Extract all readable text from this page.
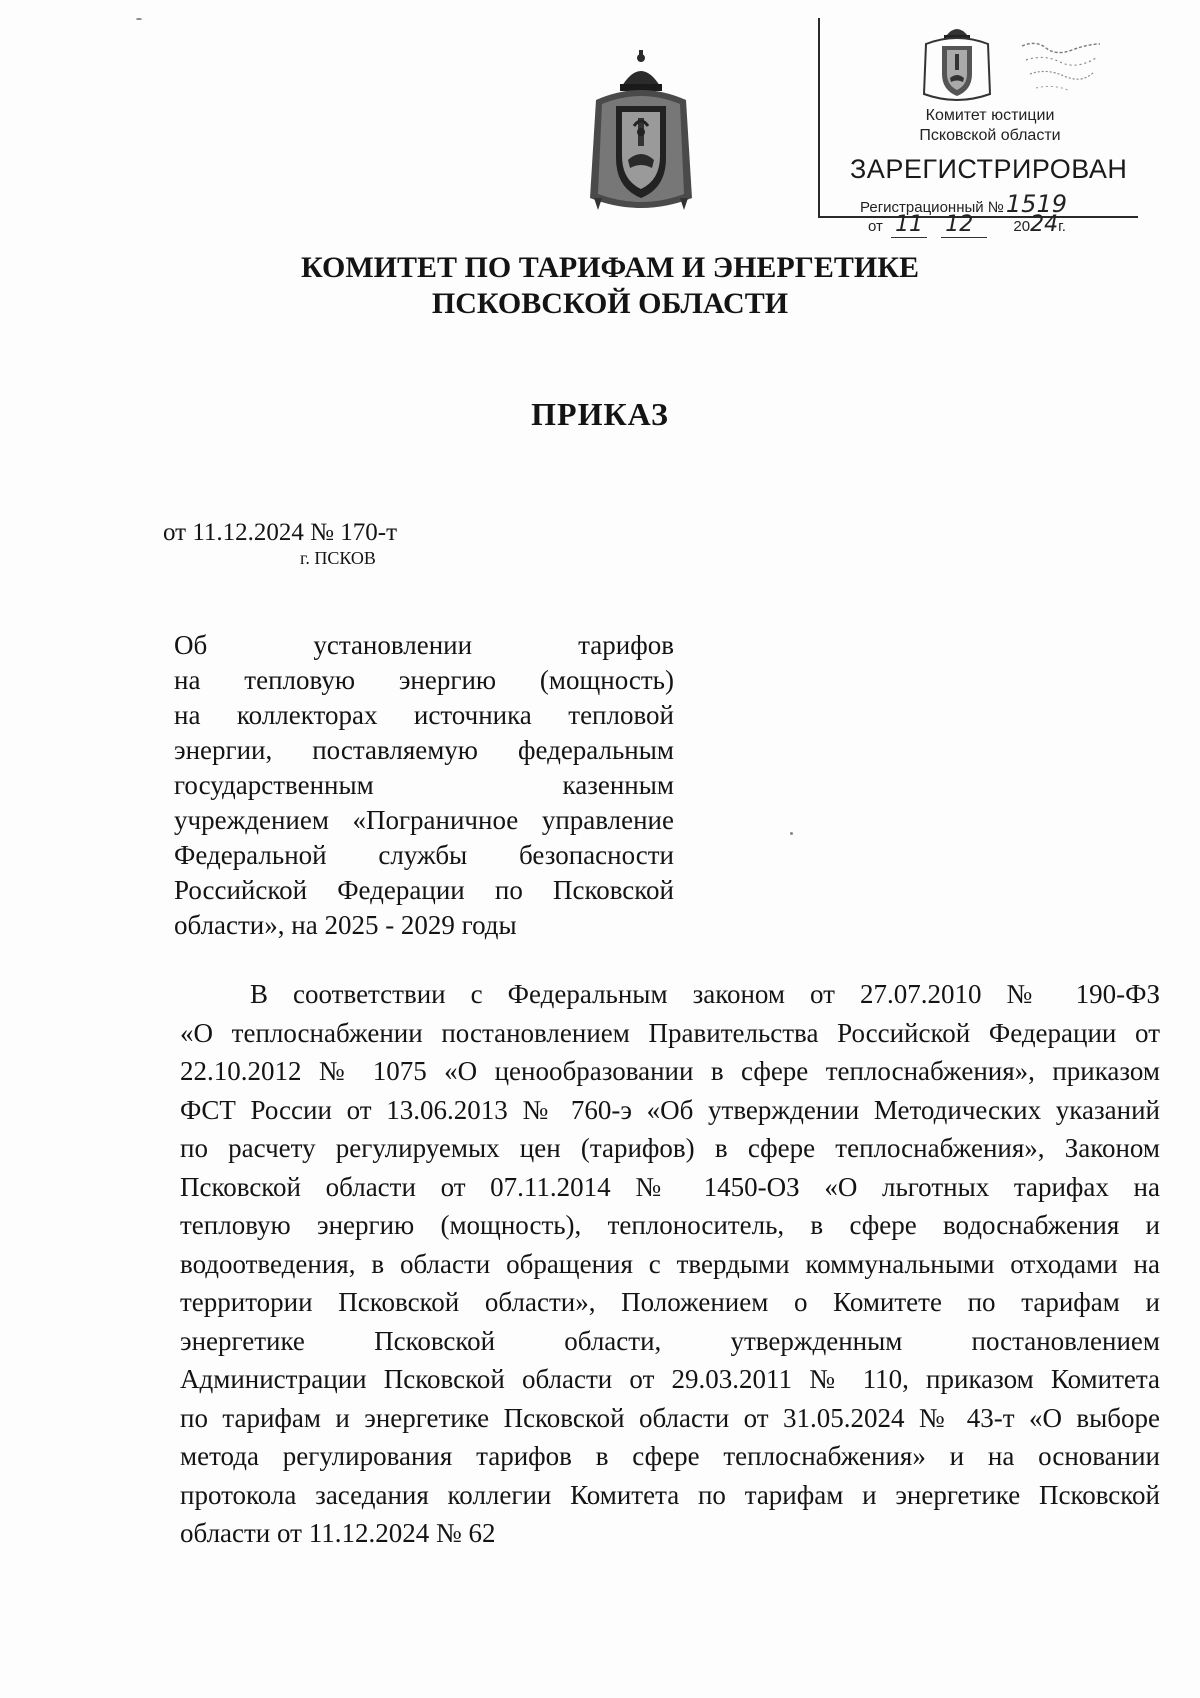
Комитет юстиции
Псковской области
ЗАРЕГИСТРИРОВАН
Регистрационный №1519
от 11 12	2024г.
КОМИТЕТ ПО ТАРИФАМ И ЭНЕРГЕТИКЕ
ПСКОВСКОЙ ОБЛАСТИ
ПРИКАЗ
от 11.12.2024 № 170-т
г. ПСКОВ
Об установлении тарифов
на тепловую энергию (мощность)
на коллекторах источника тепловой
энергии, поставляемую федеральным
государственным казенным
учреждением «Пограничное управление
Федеральной службы безопасности
Российской Федерации по Псковской
области», на 2025 - 2029 годы
В соответствии с Федеральным законом от 27.07.2010 № 190-ФЗ
«О теплоснабжении постановлением Правительства Российской Федерации от
22.10.2012 № 1075 «О ценообразовании в сфере теплоснабжения», приказом
ФСТ России от 13.06.2013 № 760-э «Об утверждении Методических указаний
по расчету регулируемых цен (тарифов) в сфере теплоснабжения», Законом
Псковской области от 07.11.2014 № 1450-ОЗ «О льготных тарифах на
тепловую энергию (мощность), теплоноситель, в сфере водоснабжения и
водоотведения, в области обращения с твердыми коммунальными отходами на
территории Псковской области», Положением о Комитете по тарифам и
энергетике Псковской области, утвержденным постановлением
Администрации Псковской области от 29.03.2011 № 110, приказом Комитета
по тарифам и энергетике Псковской области от 31.05.2024 № 43-т «О выборе
метода регулирования тарифов в сфере теплоснабжения» и на основании
протокола заседания коллегии Комитета по тарифам и энергетике Псковской
области от 11.12.2024 № 62
